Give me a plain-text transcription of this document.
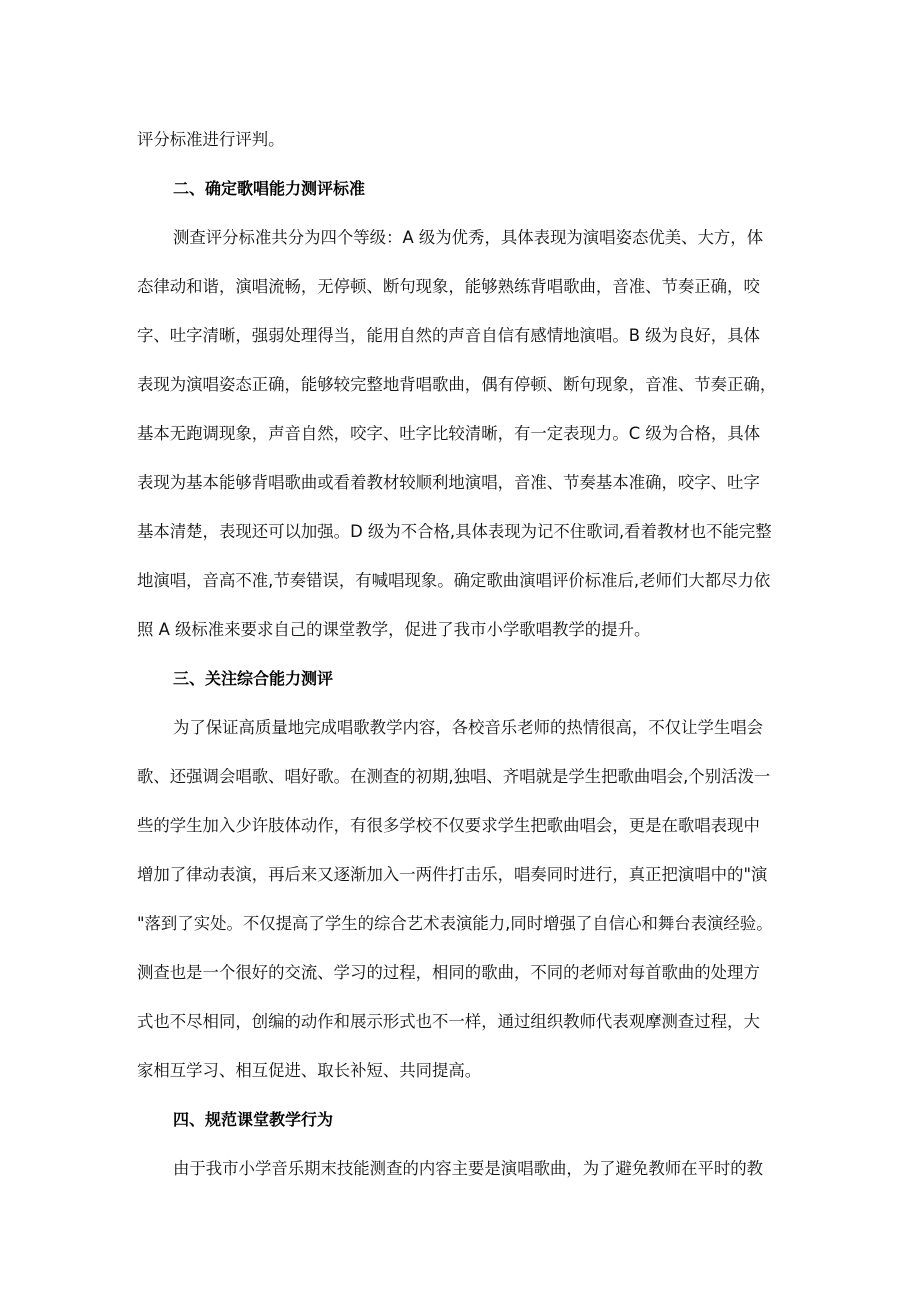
评分标准进行评判。

二、确定歌唱能力测评标准

测查评分标准共分为四个等级：A 级为优秀，具体表现为演唱姿态优美、大方，体

态律动和谐，演唱流畅，无停顿、断句现象，能够熟练背唱歌曲，音准、节奏正确，咬

字、吐字清晰，强弱处理得当，能用自然的声音自信有感情地演唱。B 级为良好，具体

表现为演唱姿态正确，能够较完整地背唱歌曲，偶有停顿、断句现象，音准、节奏正确，

基本无跑调现象，声音自然，咬字、吐字比较清晰，有一定表现力。C 级为合格，具体

表现为基本能够背唱歌曲或看着教材较顺利地演唱，音准、节奏基本准确，咬字、吐字

基本清楚，表现还可以加强。D 级为不合格,具体表现为记不住歌词,看着教材也不能完整

地演唱，音高不准,节奏错误，有喊唱现象。确定歌曲演唱评价标准后,老师们大都尽力依

照 A 级标准来要求自己的课堂教学，促进了我市小学歌唱教学的提升。

三、关注综合能力测评

为了保证高质量地完成唱歌教学内容，各校音乐老师的热情很高，不仅让学生唱会

歌、还强调会唱歌、唱好歌。在测查的初期,独唱、齐唱就是学生把歌曲唱会,个别活泼一

些的学生加入少许肢体动作，有很多学校不仅要求学生把歌曲唱会，更是在歌唱表现中

增加了律动表演，再后来又逐渐加入一两件打击乐，唱奏同时进行，真正把演唱中的"演

"落到了实处。不仅提高了学生的综合艺术表演能力,同时增强了自信心和舞台表演经验。

测查也是一个很好的交流、学习的过程，相同的歌曲，不同的老师对每首歌曲的处理方

式也不尽相同，创编的动作和展示形式也不一样，通过组织教师代表观摩测查过程，大

家相互学习、相互促进、取长补短、共同提高。

四、规范课堂教学行为

由于我市小学音乐期末技能测查的内容主要是演唱歌曲，为了避免教师在平时的教
